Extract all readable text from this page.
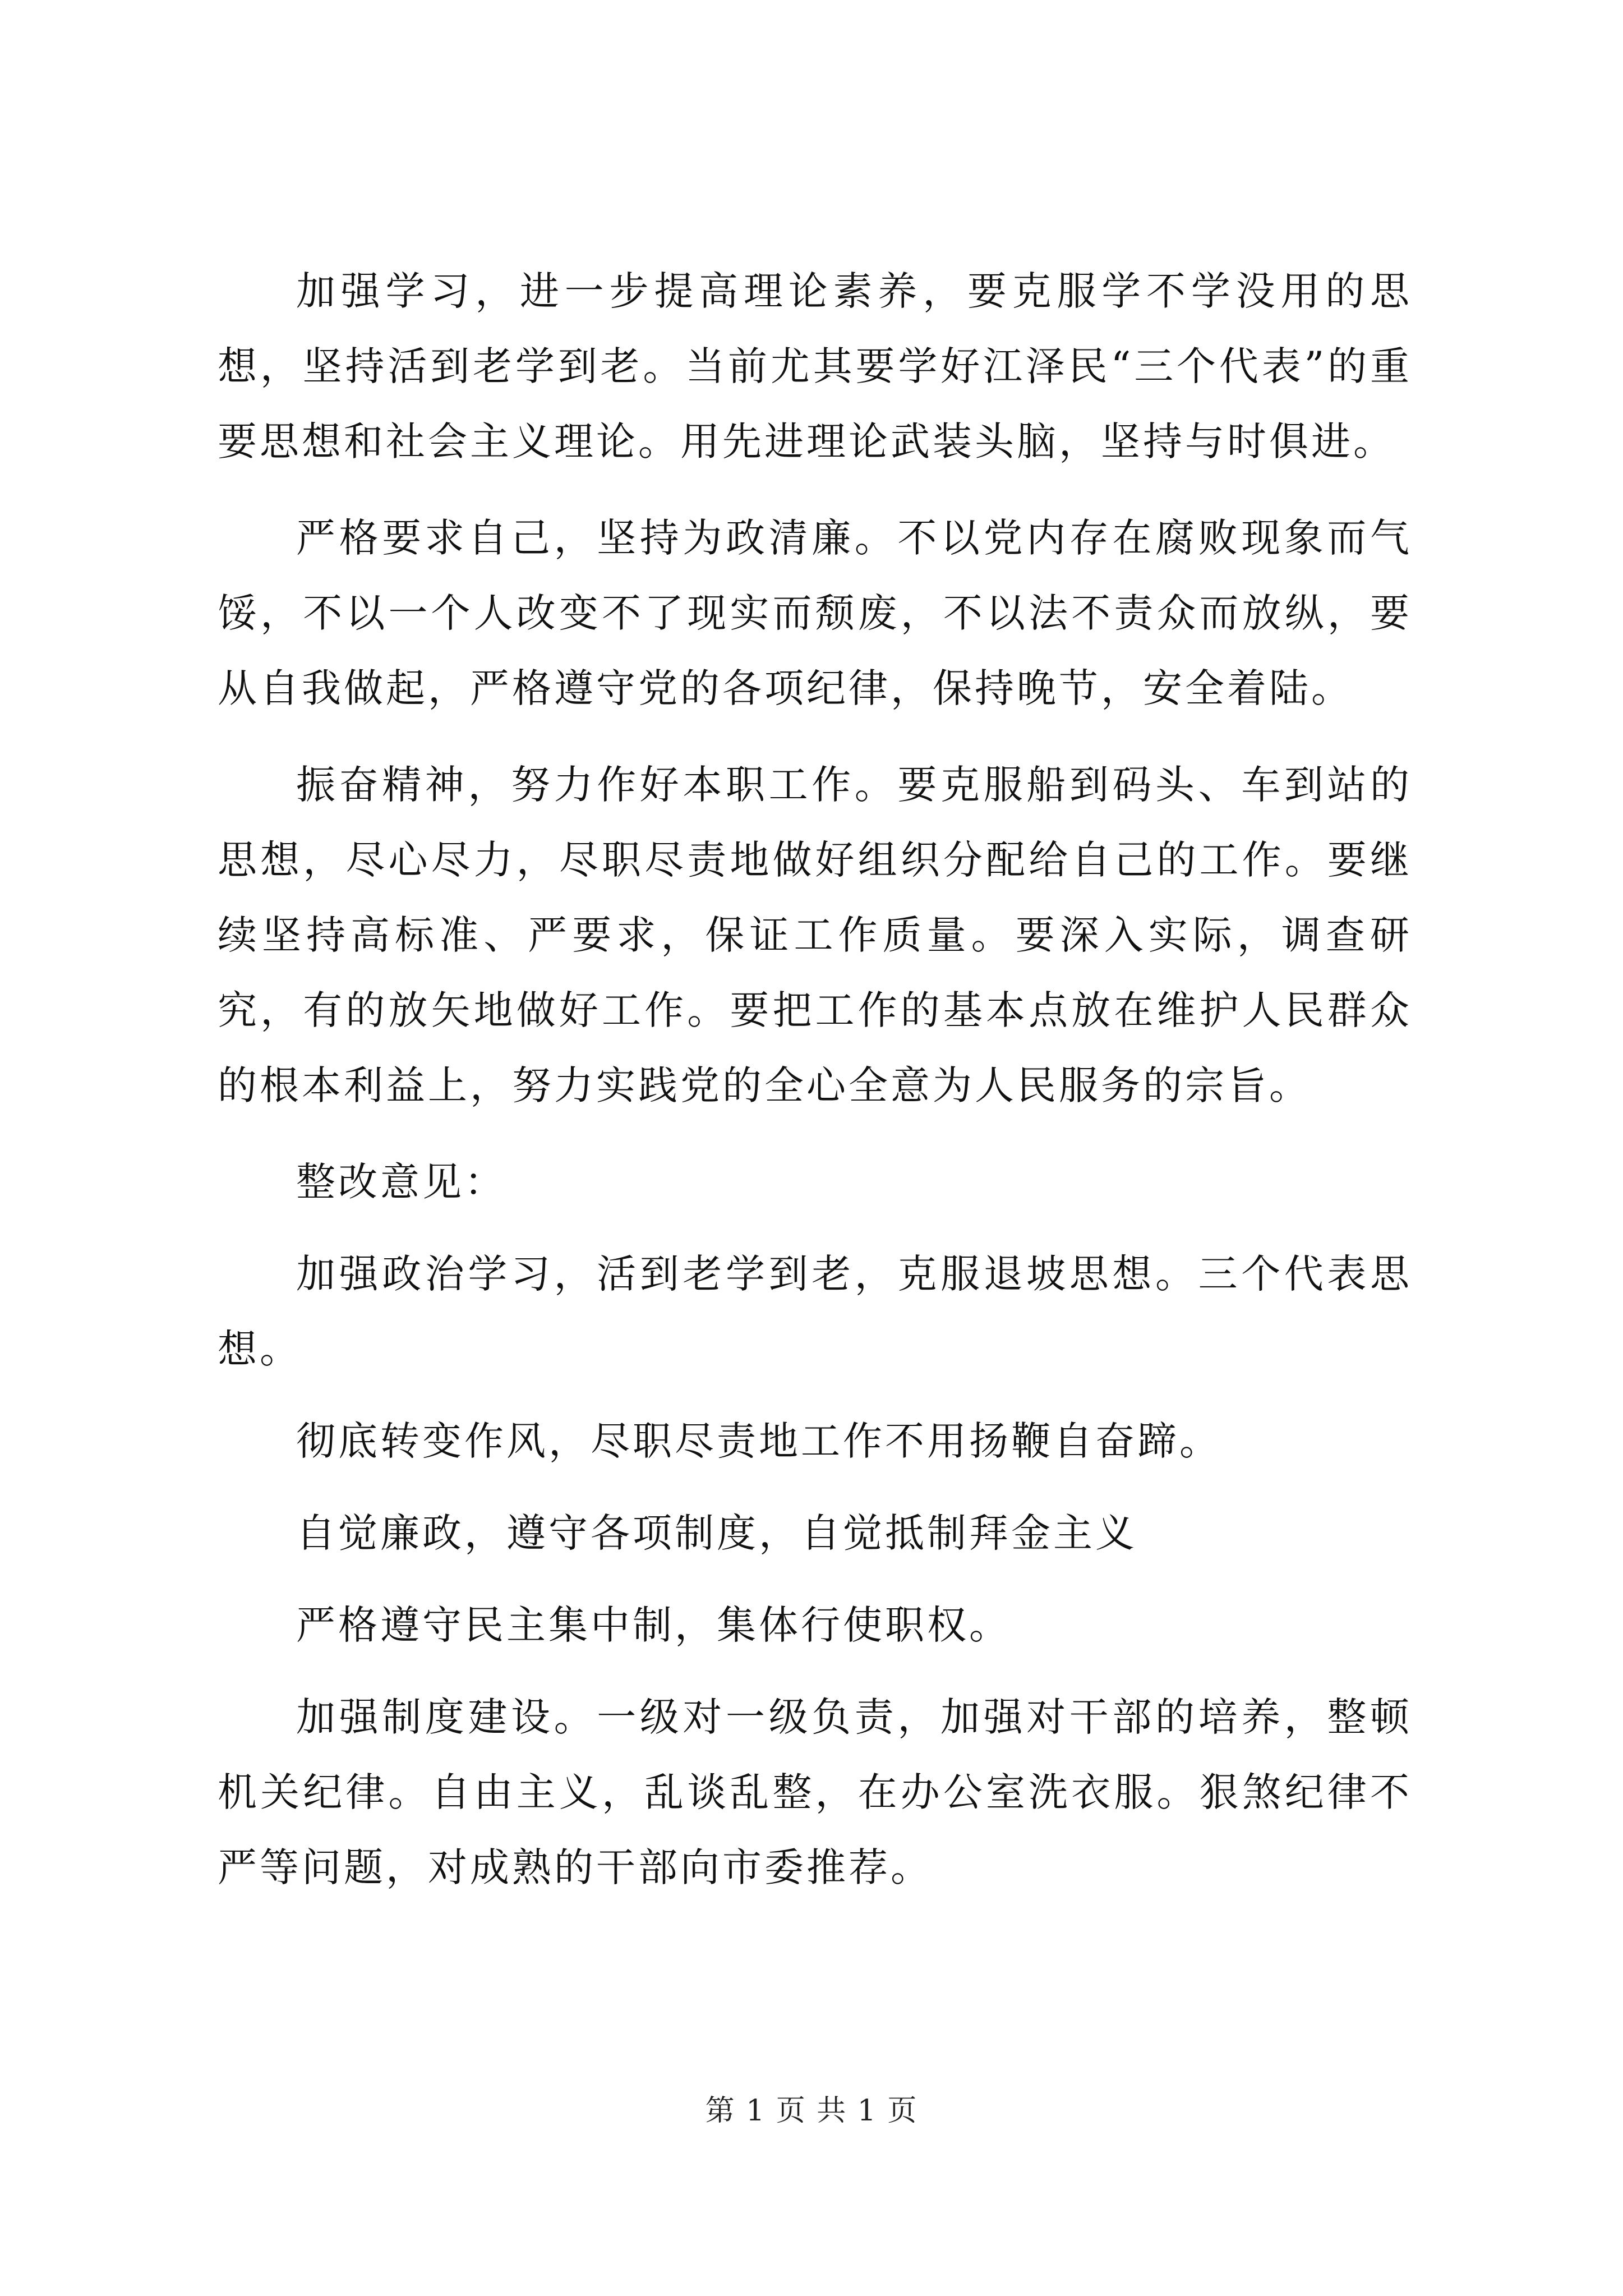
加强学习，进一步提高理论素养，要克服学不学没用的思想，坚持活到老学到老。当前尤其要学好江泽民“三个代表”的重要思想和社会主义理论。用先进理论武装头脑，坚持与时俱进。

严格要求自己，坚持为政清廉。不以党内存在腐败现象而气馁，不以一个人改变不了现实而颓废，不以法不责众而放纵，要从自我做起，严格遵守党的各项纪律，保持晚节，安全着陆。

振奋精神，努力作好本职工作。要克服船到码头、车到站的思想，尽心尽力，尽职尽责地做好组织分配给自己的工作。要继续坚持高标准、严要求，保证工作质量。要深入实际，调查研究，有的放矢地做好工作。要把工作的基本点放在维护人民群众的根本利益上，努力实践党的全心全意为人民服务的宗旨。

整改意见：

加强政治学习，活到老学到老，克服退坡思想。三个代表思想。

彻底转变作风，尽职尽责地工作不用扬鞭自奋蹄。

自觉廉政，遵守各项制度，自觉抵制拜金主义

严格遵守民主集中制，集体行使职权。

加强制度建设。一级对一级负责，加强对干部的培养，整顿机关纪律。自由主义，乱谈乱整，在办公室洗衣服。狠煞纪律不严等问题，对成熟的干部向市委推荐。

第 1 页 共 1 页
